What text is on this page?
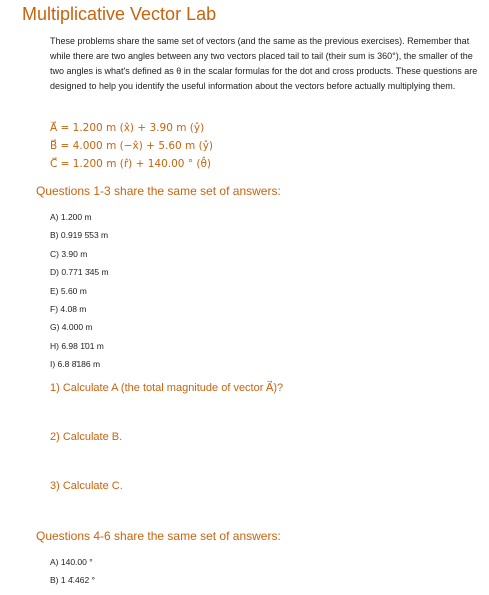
Multiplicative Vector Lab

These problems share the same set of vectors (and the same as the previous exercises). Remember that while there are two angles between any two vectors placed tail to tail (their sum is 360°), the smaller of the two angles is what's defined as θ in the scalar formulas for the dot and cross products. These questions are designed to help you identify the useful information about the vectors before actually multiplying them.

A⃗ = 1.200 m (x̂) + 3.90 m (ŷ)
B⃗ = 4.000 m (−x̂) + 5.60 m (ŷ)
C⃗ = 1.200 m (r̂) + 140.00 ° (θ̂)
Questions 1-3 share the same set of answers:
A) 1.200 m
B) 0.919 5̄53 m
C) 3.90 m
D) 0.771 3̄45 m
E) 5.60 m
F) 4.08 m
G) 4.000 m
H) 6.98 1̄01 m
I) 6.8 8̄186 m
1) Calculate A (the total magnitude of vector A⃗)?
2) Calculate B.
3) Calculate C.
Questions 4-6 share the same set of answers:
A) 140.00 °
B) 1 4̄.462 °
